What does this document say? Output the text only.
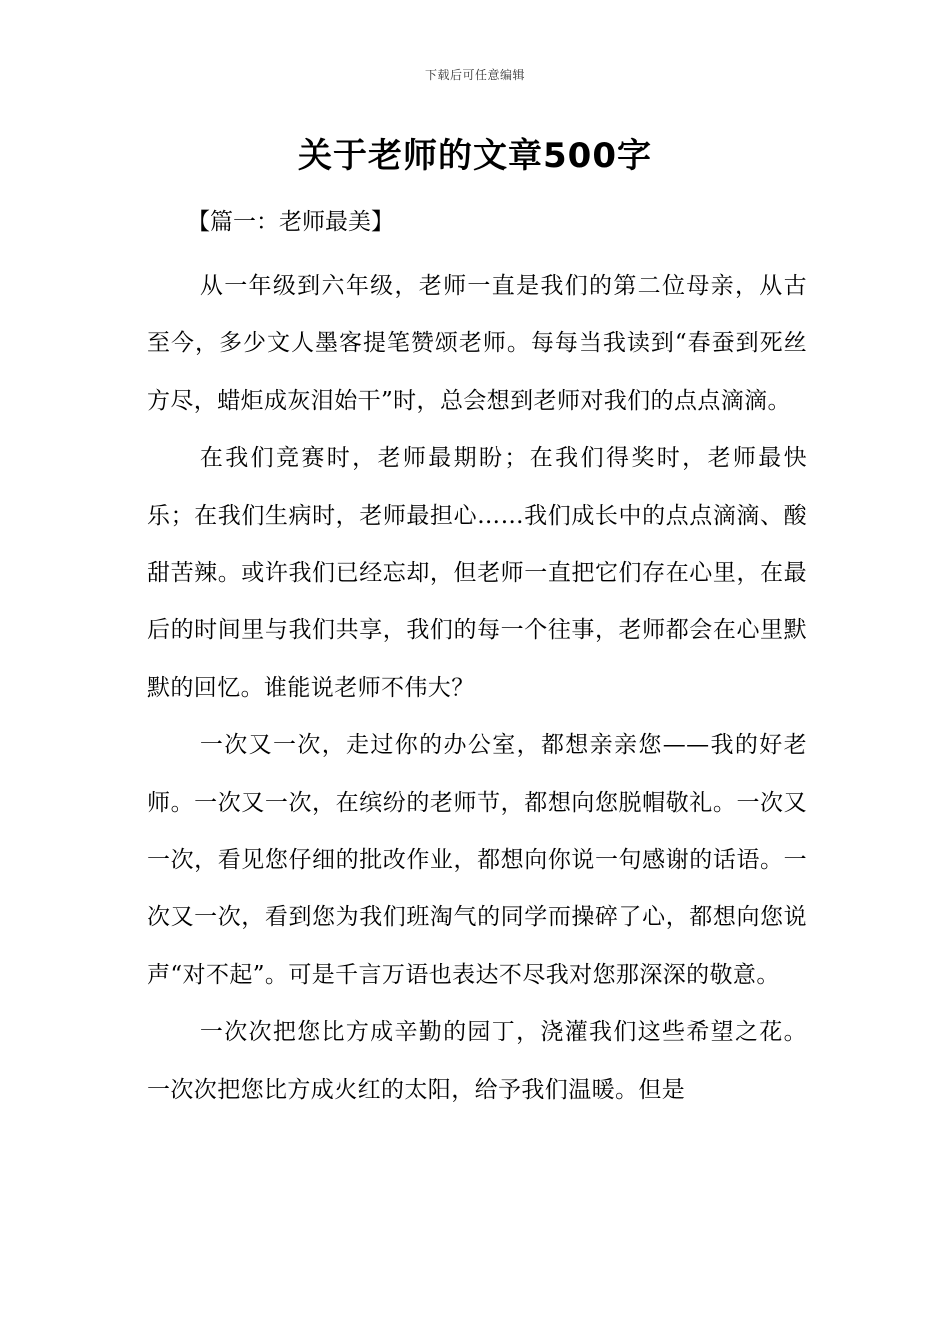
下载后可任意编辑
关于老师的文章500字
【篇一：老师最美】

从一年级到六年级，老师一直是我们的第二位母亲，从古至今，多少文人墨客提笔赞颂老师。每每当我读到“春蚕到死丝方尽，蜡炬成灰泪始干”时，总会想到老师对我们的点点滴滴。

在我们竞赛时，老师最期盼；在我们得奖时，老师最快乐；在我们生病时，老师最担心……我们成长中的点点滴滴、酸甜苦辣。或许我们已经忘却，但老师一直把它们存在心里，在最后的时间里与我们共享，我们的每一个往事，老师都会在心里默默的回忆。谁能说老师不伟大？

一次又一次，走过你的办公室，都想亲亲您——我的好老师。一次又一次，在缤纷的老师节，都想向您脱帽敬礼。一次又一次，看见您仔细的批改作业，都想向你说一句感谢的话语。一次又一次，看到您为我们班淘气的同学而操碎了心，都想向您说声“对不起”。可是千言万语也表达不尽我对您那深深的敬意。

一次次把您比方成辛勤的园丁，浇灌我们这些希望之花。一次次把您比方成火红的太阳，给予我们温暖。但是
